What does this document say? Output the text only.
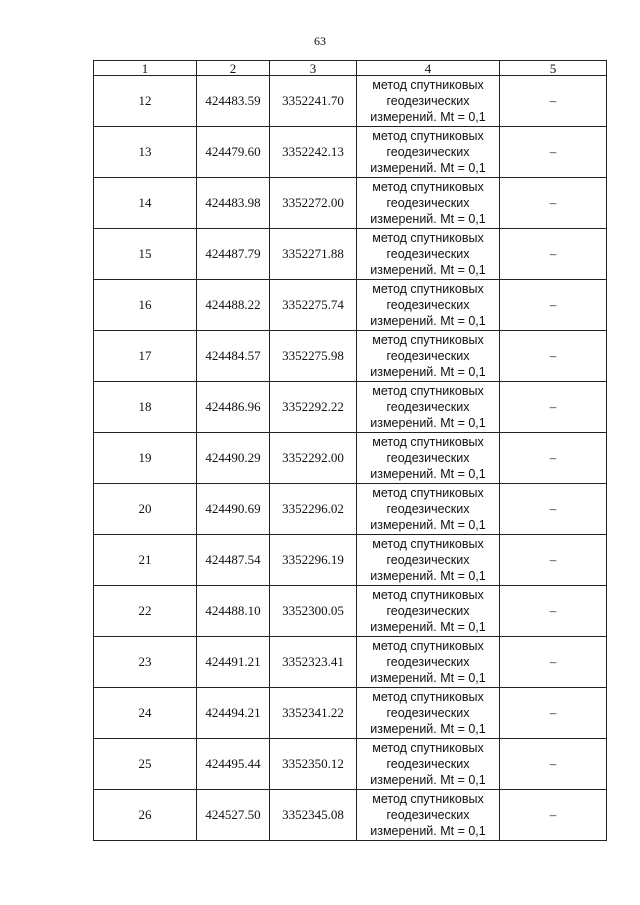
63
1	2	3	4	5
12	424483.59	3352241.70	метод спутниковых
геодезических
измерений. Mt = 0,1	–
13	424479.60	3352242.13	метод спутниковых
геодезических
измерений. Mt = 0,1	–
14	424483.98	3352272.00	метод спутниковых
геодезических
измерений. Mt = 0,1	–
15	424487.79	3352271.88	метод спутниковых
геодезических
измерений. Mt = 0,1	–
16	424488.22	3352275.74	метод спутниковых
геодезических
измерений. Mt = 0,1	–
17	424484.57	3352275.98	метод спутниковых
геодезических
измерений. Mt = 0,1	–
18	424486.96	3352292.22	метод спутниковых
геодезических
измерений. Mt = 0,1	–
19	424490.29	3352292.00	метод спутниковых
геодезических
измерений. Mt = 0,1	–
20	424490.69	3352296.02	метод спутниковых
геодезических
измерений. Mt = 0,1	–
21	424487.54	3352296.19	метод спутниковых
геодезических
измерений. Mt = 0,1	–
22	424488.10	3352300.05	метод спутниковых
геодезических
измерений. Mt = 0,1	–
23	424491.21	3352323.41	метод спутниковых
геодезических
измерений. Mt = 0,1	–
24	424494.21	3352341.22	метод спутниковых
геодезических
измерений. Mt = 0,1	–
25	424495.44	3352350.12	метод спутниковых
геодезических
измерений. Mt = 0,1	–
26	424527.50	3352345.08	метод спутниковых
геодезических
измерений. Mt = 0,1	–
